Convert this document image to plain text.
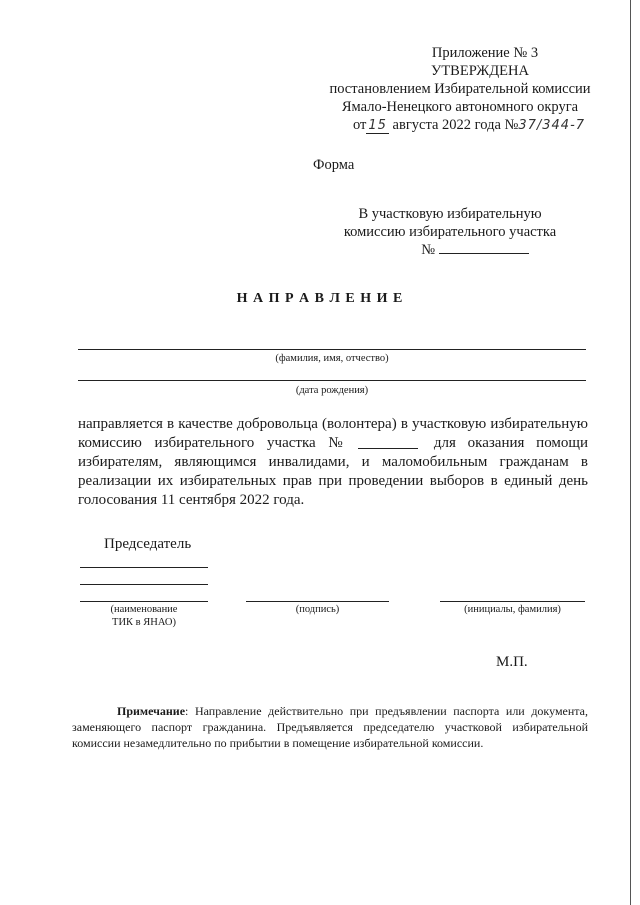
Приложение № 3
УТВЕРЖДЕНА
постановлением Избирательной комиссии
Ямало-Ненецкого автономного округа
от 15 августа 2022 года №37/344-7
Форма
В участковую избирательную
комиссию избирательного участка
№
Н А П Р А В Л Е Н И Е
(фамилия, имя, отчество)
(дата рождения)
направляется в качестве добровольца (волонтера) в участковую избирательную
комиссию избирательного участка №	для оказания помощи
избирателям, являющимся инвалидами, и маломобильным гражданам в
реализации их избирательных прав при проведении выборов в единый день
голосования 11 сентября 2022 года.
Председатель
(наименование
ТИК в ЯНАО)
(подпись)	(инициалы, фамилия)
М.П.
Примечание: Направление действительно при предъявлении паспорта или документа, заменяющего паспорт гражданина. Предъявляется председателю участковой избирательной комиссии незамедлительно по прибытии в помещение избирательной комиссии.
